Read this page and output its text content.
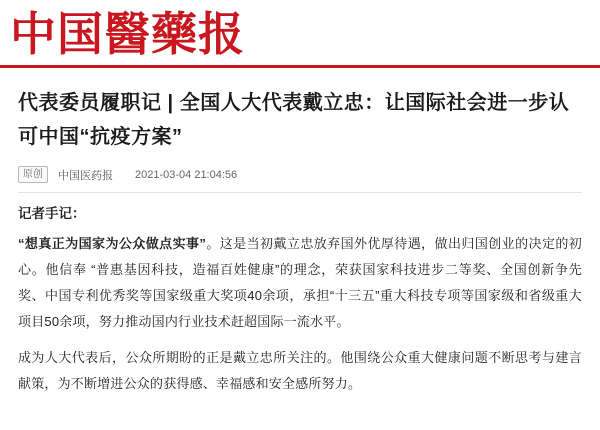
中国醫藥报
代表委员履职记 | 全国人大代表戴立忠：让国际社会进一步认可中国“抗疫方案”
原创	中国医药报 2021-03-04 21:04:56

记者手记：

“想真正为国家为公众做点实事”。这是当初戴立忠放弃国外优厚待遇，做出归国创业的决定的初心。他信奉 “普惠基因科技，造福百姓健康”的理念，荣获国家科技进步二等奖、全国创新争先奖、中国专利优秀奖等国家级重大奖项40余项，承担“十三五”重大科技专项等国家级和省级重大项目50余项，努力推动国内行业技术赶超国际一流水平。

成为人大代表后，公众所期盼的正是戴立忠所关注的。他围绕公众重大健康问题不断思考与建言献策，为不断增进公众的获得感、幸福感和安全感所努力。
